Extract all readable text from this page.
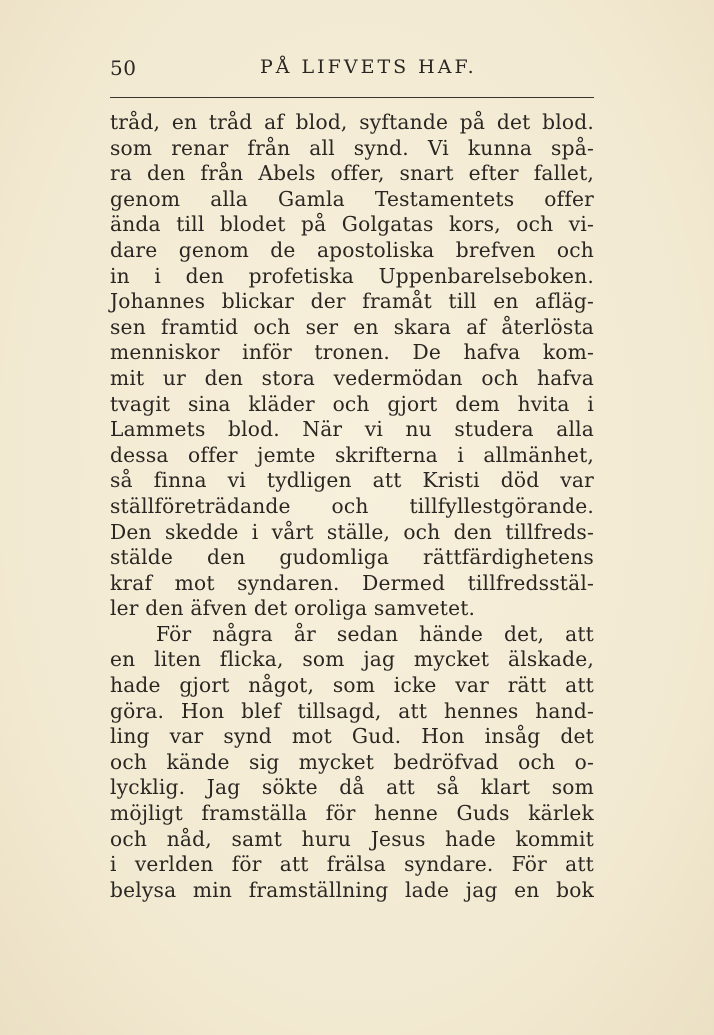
50	PÅ LIFVETS HAF.
tråd, en tråd af blod, syftande på det blod.
som renar från all synd. Vi kunna spå-
ra den från Abels offer, snart efter fallet,
genom alla Gamla Testamentets offer
ända till blodet på Golgatas kors, och vi-
dare genom de apostoliska brefven och
in i den profetiska Uppenbarelseboken.
Johannes blickar der framåt till en afläg-
sen framtid och ser en skara af återlösta
menniskor inför tronen. De hafva kom-
mit ur den stora vedermödan och hafva
tvagit sina kläder och gjort dem hvita i
Lammets blod. När vi nu studera alla
dessa offer jemte skrifterna i allmänhet,
så finna vi tydligen att Kristi död var
ställföreträdande och tillfyllestgörande.
Den skedde i vårt ställe, och den tillfreds-
stälde den gudomliga rättfärdighetens
kraf mot syndaren. Dermed tillfredsstäl-
ler den äfven det oroliga samvetet.
För några år sedan hände det, att
en liten flicka, som jag mycket älskade,
hade gjort något, som icke var rätt att
göra. Hon blef tillsagd, att hennes hand-
ling var synd mot Gud. Hon insåg det
och kände sig mycket bedröfvad och o-
lycklig. Jag sökte då att så klart som
möjligt framställa för henne Guds kärlek
och nåd, samt huru Jesus hade kommit
i verlden för att frälsa syndare. För att
belysa min framställning lade jag en bok
